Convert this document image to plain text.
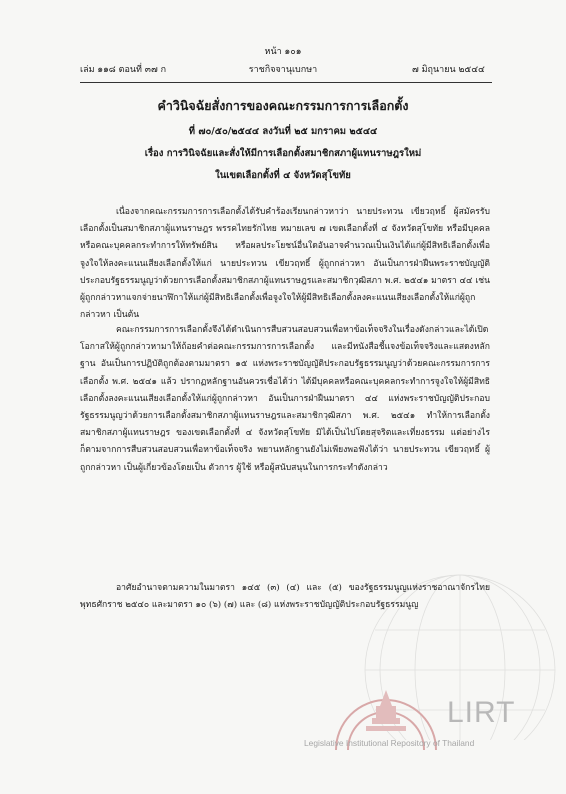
หน้า ๑๐๑
เล่ม ๑๑๘ ตอนที่ ๓๗ ก	ราชกิจจานุเบกษา	๗ มิถุนายน ๒๕๔๔
คำวินิจฉัยสั่งการของคณะกรรมการการเลือกตั้ง
ที่ ๗๐/๕๐/๒๕๔๔ ลงวันที่ ๒๕ มกราคม ๒๕๔๔
เรื่อง การวินิจฉัยและสั่งให้มีการเลือกตั้งสมาชิกสภาผู้แทนราษฎรใหม่
ในเขตเลือกตั้งที่ ๔ จังหวัดสุโขทัย

เนื่องจากคณะกรรมการการเลือกตั้งได้รับคำร้องเรียนกล่าวหาว่า นายประทวน เขียวฤทธิ์ ผู้สมัครรับเลือกตั้งเป็นสมาชิกสภาผู้แทนราษฎร พรรคไทยรักไทย หมายเลข ๗ เขตเลือกตั้งที่ ๔ จังหวัดสุโขทัย หรือมีบุคคลหรือคณะบุคคลกระทำการให้ทรัพย์สิน หรือผลประโยชน์อื่นใดอันอาจคำนวณเป็นเงินได้แก่ผู้มีสิทธิเลือกตั้งเพื่อจูงใจให้ลงคะแนนเสียงเลือกตั้งให้แก่ นายประทวน เขียวฤทธิ์ ผู้ถูกกล่าวหา อันเป็นการฝ่าฝืนพระราชบัญญัติประกอบรัฐธรรมนูญว่าด้วยการเลือกตั้งสมาชิกสภาผู้แทนราษฎรและสมาชิกวุฒิสภา พ.ศ. ๒๕๔๑ มาตรา ๔๔ เช่น ผู้ถูกกล่าวหาแจกจ่ายนาฬิกาให้แก่ผู้มีสิทธิเลือกตั้งเพื่อจูงใจให้ผู้มีสิทธิเลือกตั้งลงคะแนนเสียงเลือกตั้งให้แก่ผู้ถูกกล่าวหา เป็นต้น

คณะกรรมการการเลือกตั้งจึงได้ดำเนินการสืบสวนสอบสวนเพื่อหาข้อเท็จจริงในเรื่องดังกล่าวและได้เปิดโอกาสให้ผู้ถูกกล่าวหามาให้ถ้อยคำต่อคณะกรรมการการเลือกตั้ง และมีหนังสือชี้แจงข้อเท็จจริงและแสดงหลักฐาน อันเป็นการปฏิบัติถูกต้องตามมาตรา ๑๕ แห่งพระราชบัญญัติประกอบรัฐธรรมนูญว่าด้วยคณะกรรมการการเลือกตั้ง พ.ศ. ๒๕๔๑ แล้ว ปรากฏหลักฐานอันควรเชื่อได้ว่า ได้มีบุคคลหรือคณะบุคคลกระทำการจูงใจให้ผู้มีสิทธิเลือกตั้งลงคะแนนเสียงเลือกตั้งให้แก่ผู้ถูกกล่าวหา อันเป็นการฝ่าฝืนมาตรา ๔๔ แห่งพระราชบัญญัติประกอบรัฐธรรมนูญว่าด้วยการเลือกตั้งสมาชิกสภาผู้แทนราษฎรและสมาชิกวุฒิสภา พ.ศ. ๒๕๔๑ ทำให้การเลือกตั้งสมาชิกสภาผู้แทนราษฎร ของเขตเลือกตั้งที่ ๔ จังหวัดสุโขทัย มิได้เป็นไปโดยสุจริตและเที่ยงธรรม แต่อย่างไรก็ตามจากการสืบสวนสอบสวนเพื่อหาข้อเท็จจริง พยานหลักฐานยังไม่เพียงพอฟังได้ว่า นายประทวน เขียวฤทธิ์ ผู้ถูกกล่าวหา เป็นผู้เกี่ยวข้องโดยเป็น ตัวการ ผู้ใช้ หรือผู้สนับสนุนในการกระทำดังกล่าว

อาศัยอำนาจตามความในมาตรา ๑๔๕ (๓) (๔) และ (๕) ของรัฐธรรมนูญแห่งราชอาณาจักรไทย พุทธศักราช ๒๕๔๐ และมาตรา ๑๐ (๖) (๗) และ (๘) แห่งพระราชบัญญัติประกอบรัฐธรรมนูญ

LIRT
Legislative Institutional Repository of Thailand
